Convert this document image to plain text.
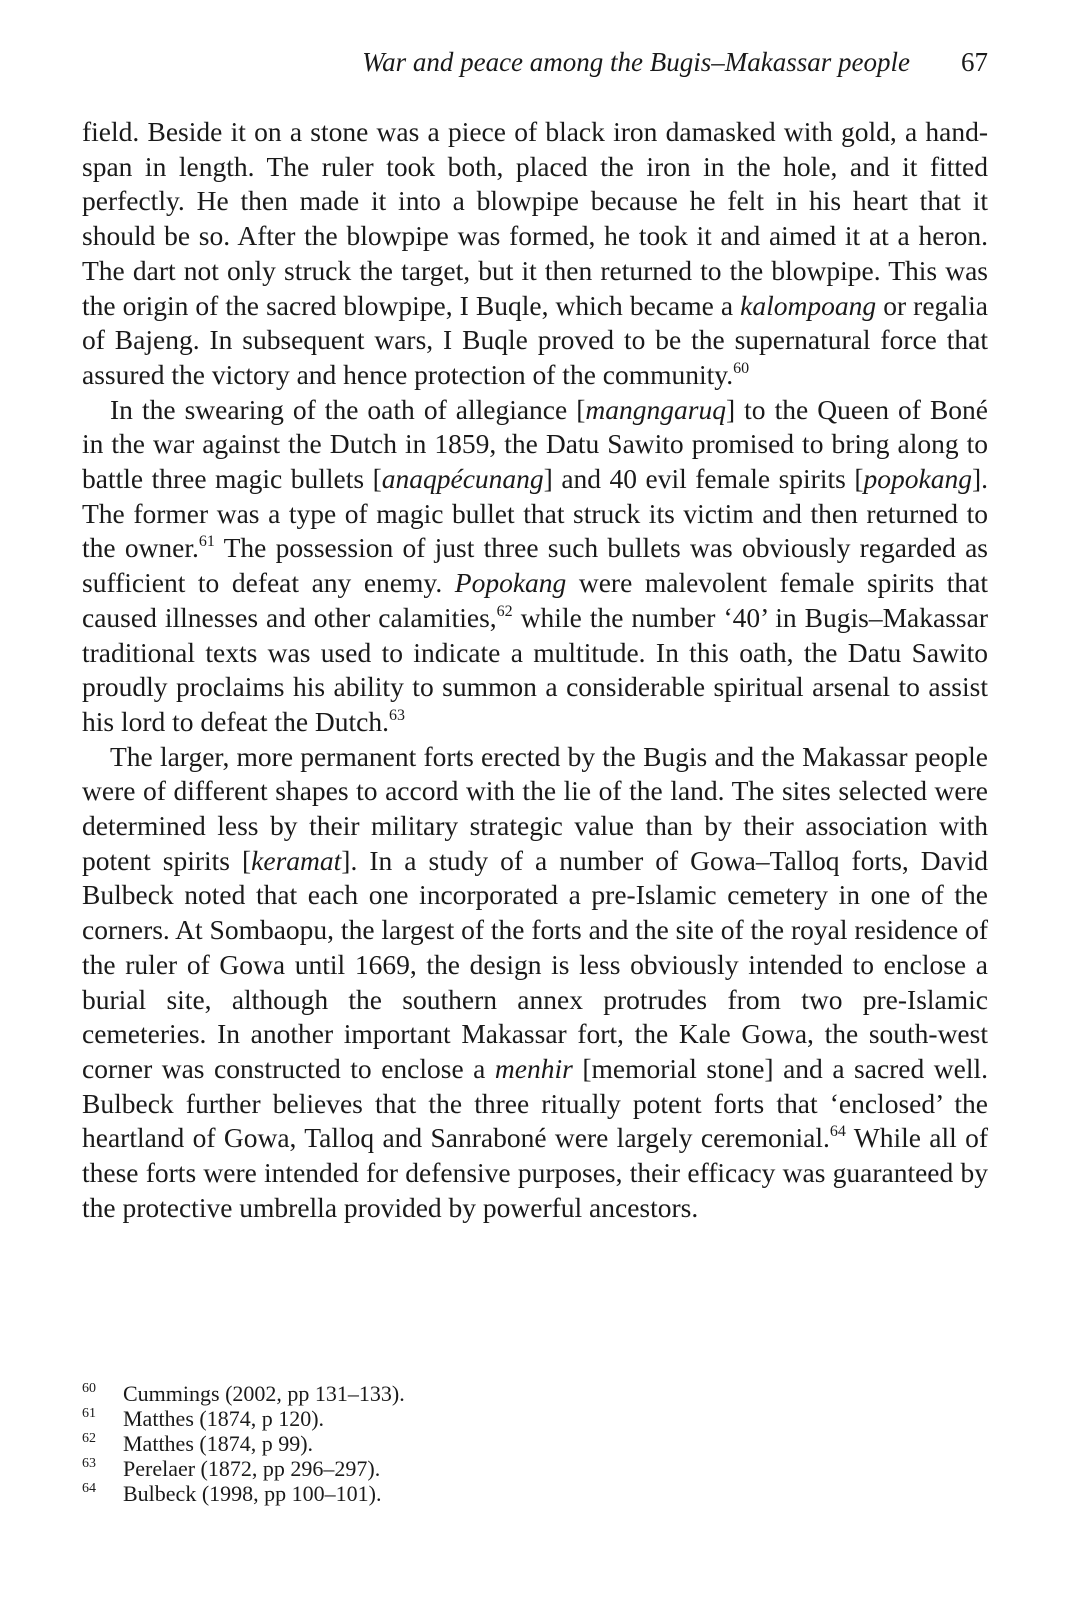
War and peace among the Bugis–Makassar people 67

field. Beside it on a stone was a piece of black iron damasked with gold, a hand-span in length. The ruler took both, placed the iron in the hole, and it fitted perfectly. He then made it into a blowpipe because he felt in his heart that it should be so. After the blowpipe was formed, he took it and aimed it at a heron. The dart not only struck the target, but it then returned to the blowpipe. This was the origin of the sacred blowpipe, I Buqle, which became a kalompoang or regalia of Bajeng. In subsequent wars, I Buqle proved to be the supernatural force that assured the victory and hence protection of the community.$^{60}$

In the swearing of the oath of allegiance [mangngaruq] to the Queen of Boné in the war against the Dutch in 1859, the Datu Sawito promised to bring along to battle three magic bullets [anaqpécunang] and 40 evil female spirits [popokang]. The former was a type of magic bullet that struck its victim and then returned to the owner.$^{61}$ The possession of just three such bullets was obviously regarded as sufficient to defeat any enemy. Popokang were malevolent female spirits that caused illnesses and other calamities,$^{62}$ while the number ‘40’ in Bugis–Makassar traditional texts was used to indicate a multitude. In this oath, the Datu Sawito proudly proclaims his ability to summon a considerable spiritual arsenal to assist his lord to defeat the Dutch.$^{63}$

The larger, more permanent forts erected by the Bugis and the Makassar people were of different shapes to accord with the lie of the land. The sites selected were determined less by their military strategic value than by their association with potent spirits [keramat]. In a study of a number of Gowa–Talloq forts, David Bulbeck noted that each one incorporated a pre-Islamic cemetery in one of the corners. At Sombaopu, the largest of the forts and the site of the royal residence of the ruler of Gowa until 1669, the design is less obviously intended to enclose a burial site, although the southern annex protrudes from two pre-Islamic cemeteries. In another important Makassar fort, the Kale Gowa, the south-west corner was constructed to enclose a menhir [memorial stone] and a sacred well. Bulbeck further believes that the three ritually potent forts that ‘enclosed’ the heartland of Gowa, Talloq and Sanraboné were largely ceremonial.$^{64}$ While all of these forts were intended for defensive purposes, their efficacy was guaranteed by the protective umbrella provided by powerful ancestors.

60 Cummings (2002, pp 131–133).
61 Matthes (1874, p 120).
62 Matthes (1874, p 99).
63 Perelaer (1872, pp 296–297).
64 Bulbeck (1998, pp 100–101).
